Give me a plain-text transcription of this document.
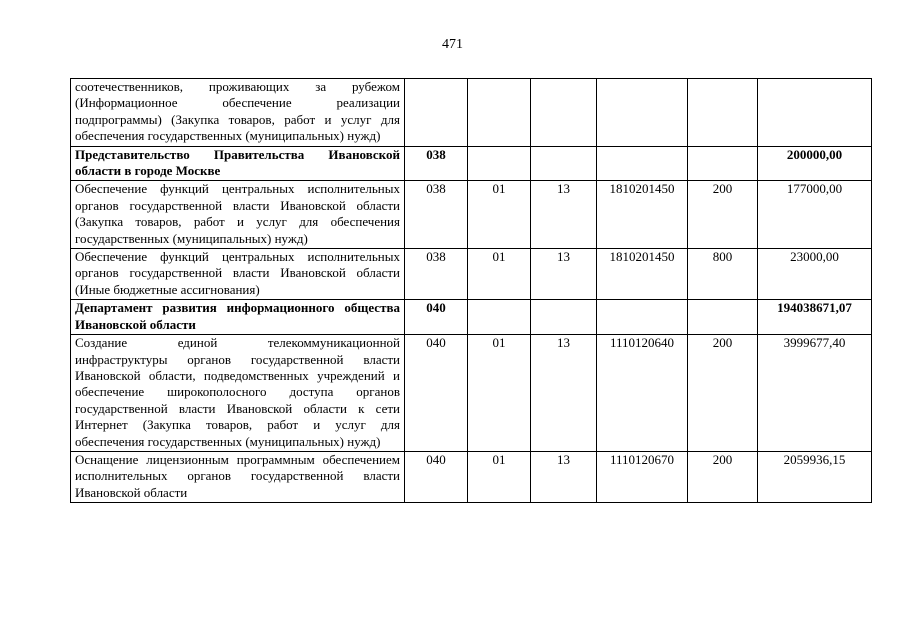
471
соотечественников, проживающих за рубежом (Информационное обеспечение реализации подпрограммы) (Закупка товаров, работ и услуг для обеспечения государственных (муниципальных) нужд)						
Представительство Правительства Ивановской области в городе Москве	038					200000,00
Обеспечение функций центральных исполнительных органов государственной власти Ивановской области (Закупка товаров, работ и услуг для обеспечения государственных (муниципальных) нужд)	038	01	13	1810201450	200	177000,00
Обеспечение функций центральных исполнительных органов государственной власти Ивановской области (Иные бюджетные ассигнования)	038	01	13	1810201450	800	23000,00
Департамент развития информационного общества Ивановской области	040					194038671,07
Создание единой телекоммуникационной инфраструктуры органов государственной власти Ивановской области, подведомственных учреждений и обеспечение широкополосного доступа органов государственной власти Ивановской области к сети Интернет (Закупка товаров, работ и услуг для обеспечения государственных (муниципальных) нужд)	040	01	13	1110120640	200	3999677,40
Оснащение лицензионным программным обеспечением исполнительных органов государственной власти Ивановской области	040	01	13	1110120670	200	2059936,15
